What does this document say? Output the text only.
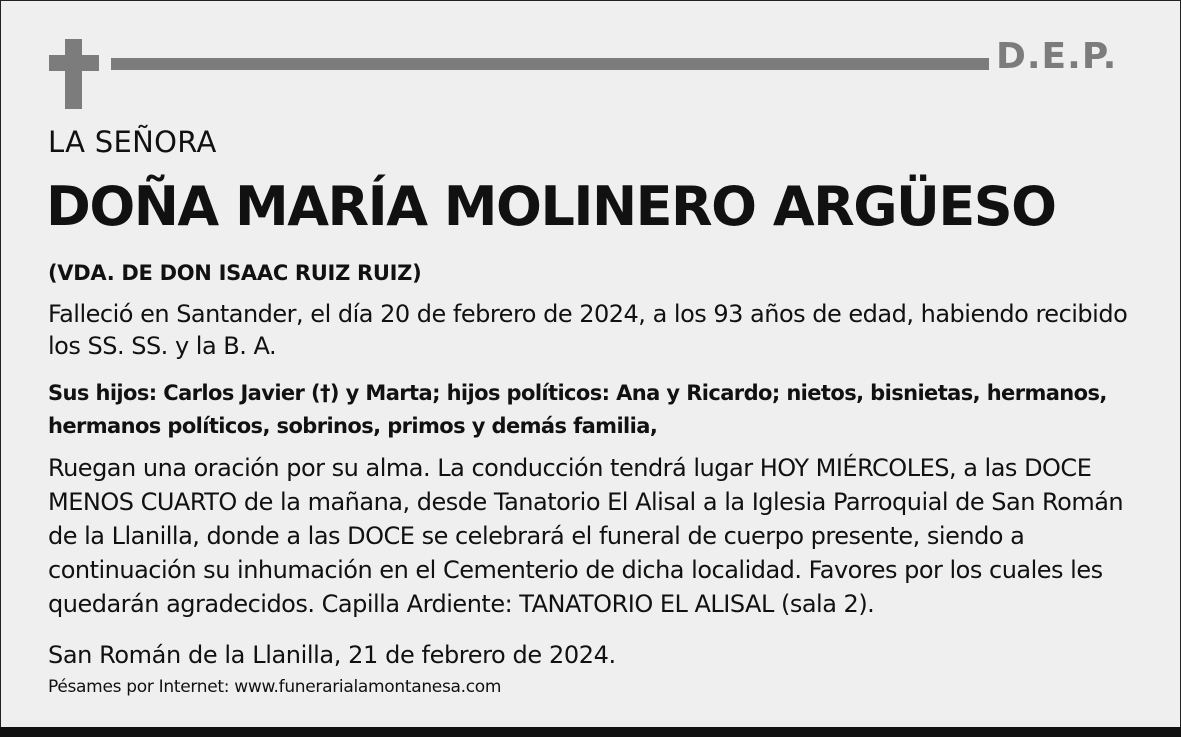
D.E.P.
LA SEÑORA
DOÑA MARÍA MOLINERO ARGÜESO
(VDA. DE DON ISAAC RUIZ RUIZ)
Falleció en Santander, el día 20 de febrero de 2024, a los 93 años de edad, habiendo recibido los SS. SS. y la B. A.
Sus hijos: Carlos Javier (†) y Marta; hijos políticos: Ana y Ricardo; nietos, bisnietas, hermanos, hermanos políticos, sobrinos, primos y demás familia,
Ruegan una oración por su alma. La conducción tendrá lugar HOY MIÉRCOLES, a las DOCE MENOS CUARTO de la mañana, desde Tanatorio El Alisal a la Iglesia Parroquial de San Román de la Llanilla, donde a las DOCE se celebrará el funeral de cuerpo presente, siendo a continuación su inhumación en el Cementerio de dicha localidad. Favores por los cuales les quedarán agradecidos. Capilla Ardiente: TANATORIO EL ALISAL (sala 2).
San Román de la Llanilla, 21 de febrero de 2024.
Pésames por Internet: www.funerarialamontanesa.com
